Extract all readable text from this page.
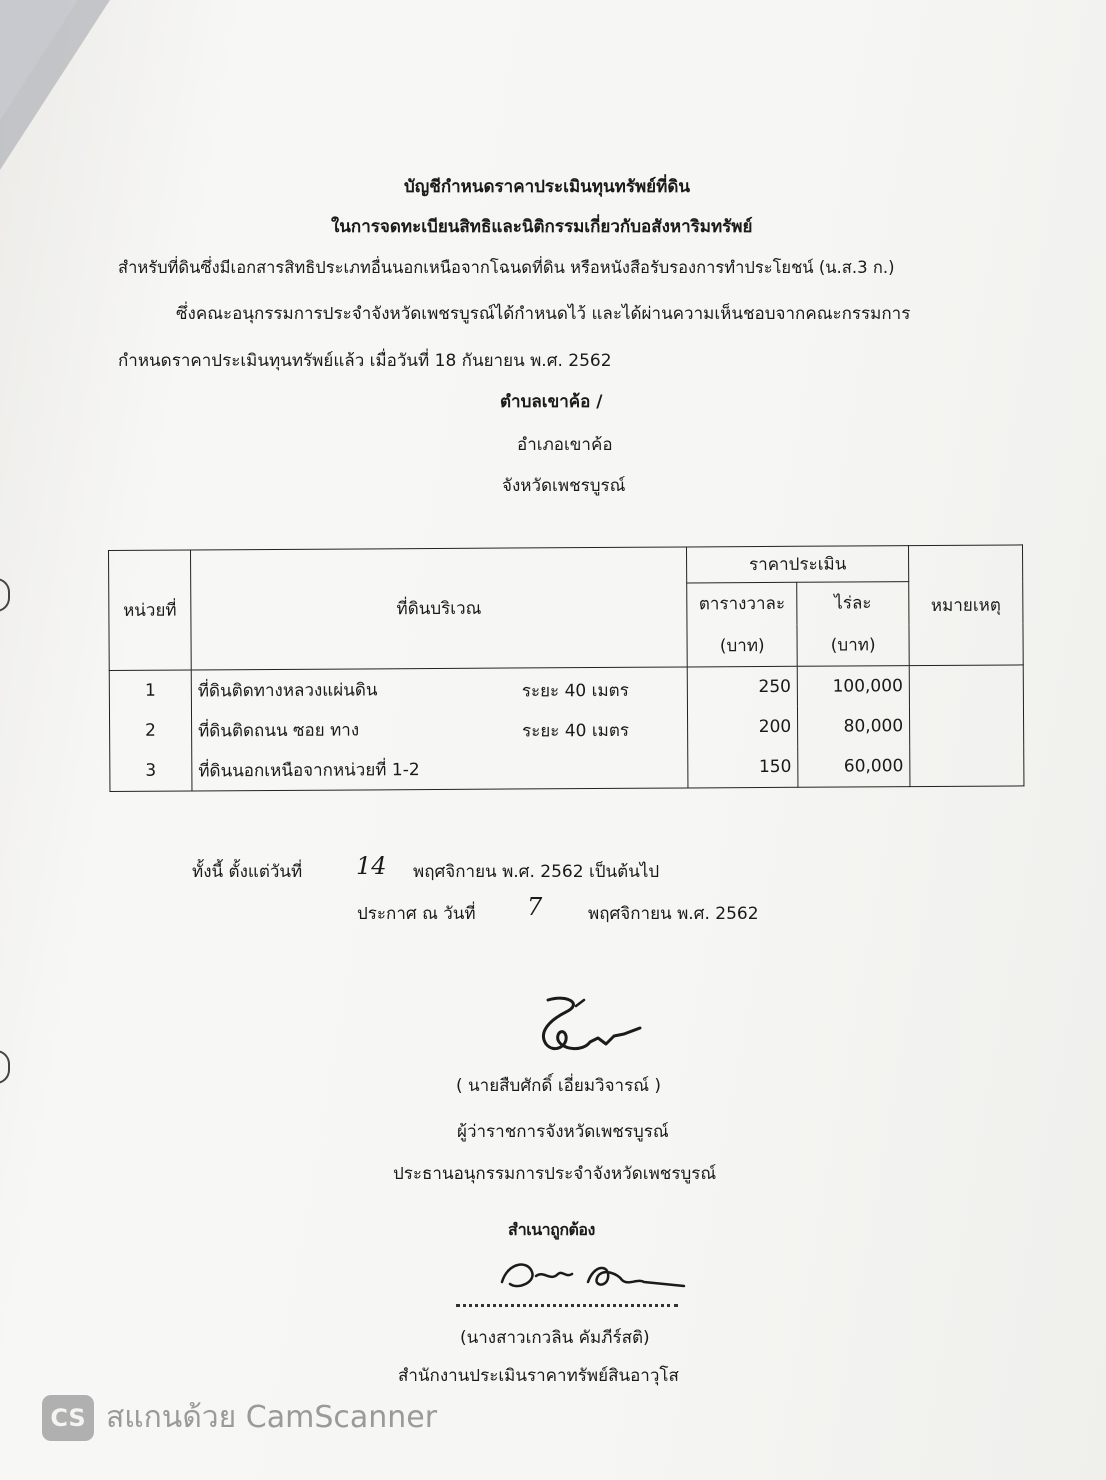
บัญชีกำหนดราคาประเมินทุนทรัพย์ที่ดิน
ในการจดทะเบียนสิทธิและนิติกรรมเกี่ยวกับอสังหาริมทรัพย์
สำหรับที่ดินซึ่งมีเอกสารสิทธิประเภทอื่นนอกเหนือจากโฉนดที่ดิน หรือหนังสือรับรองการทำประโยชน์ (น.ส.3 ก.)
ซึ่งคณะอนุกรรมการประจำจังหวัดเพชรบูรณ์ได้กำหนดไว้ และได้ผ่านความเห็นชอบจากคณะกรรมการ
กำหนดราคาประเมินทุนทรัพย์แล้ว เมื่อวันที่ 18 กันยายน พ.ศ. 2562
ตำบลเขาค้อ /
อำเภอเขาค้อ
จังหวัดเพชรบูรณ์
หน่วยที่	ที่ดินบริเวณ	ราคาประเมิน		หมายเหตุ
		ตารางวาละ	ไร่ละ	
		(บาท)	(บาท)	
1	ที่ดินติดทางหลวงแผ่นดิน ระยะ 40 เมตร	250	100,000	
2	ที่ดินติดถนน ซอย ทาง ระยะ 40 เมตร	200	80,000	
3	ที่ดินนอกเหนือจากหน่วยที่ 1-2	150	60,000	
ทั้งนี้ ตั้งแต่วันที่ 14 พฤศจิกายน พ.ศ. 2562 เป็นต้นไป
ประกาศ ณ วันที่ 7	พฤศจิกายน พ.ศ. 2562
( นายสืบศักดิ์ เอี่ยมวิจารณ์ )
ผู้ว่าราชการจังหวัดเพชรบูรณ์
ประธานอนุกรรมการประจำจังหวัดเพชรบูรณ์
สำเนาถูกต้อง
(นางสาวเกวลิน คัมภีร์สติ)
สำนักงานประเมินราคาทรัพย์สินอาวุโส
CS สแกนด้วย CamScanner
